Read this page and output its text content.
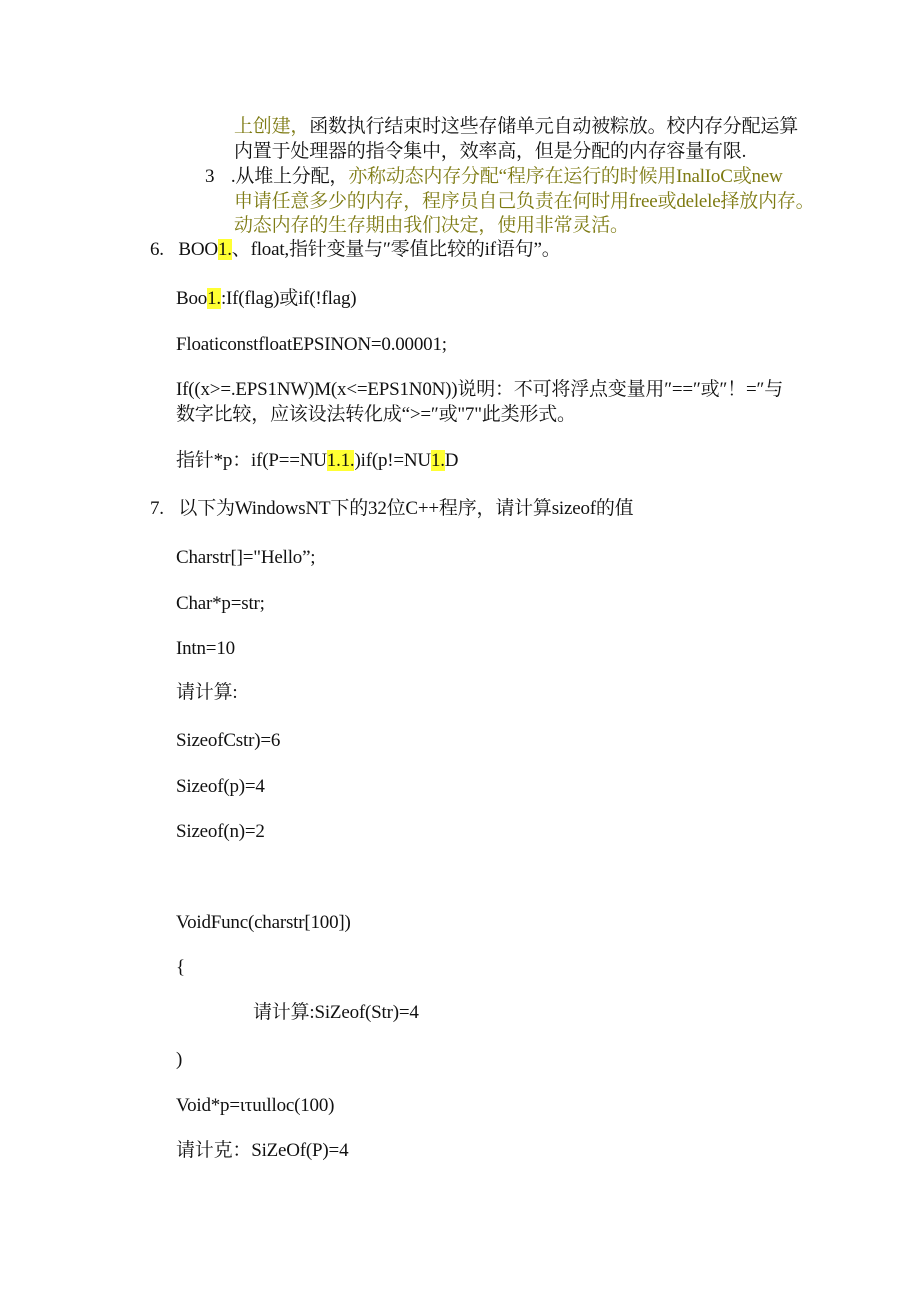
上创建，函数执行结束时这些存储单元自动被粽放。校内存分配运算
内置于处理器的指令集中，效率高，但是分配的内存容量有限.
3 .从堆上分配，亦称动态内存分配“程序在运行的时候用InalIoC或new
申请任意多少的内存，程序员自己负责在何时用free或delele择放内存。
动态内存的生存期由我们决定，使用非常灵活。
6. BOO1.、float,指针变量与″零值比较的if语句”。
Boo1.:If(flag)或if(!flag)
FloaticonstfloatEPSINON=0.00001;
If((x>=.EPS1NW)M(x<=EPS1N0N))说明：不可将浮点变量用″==″或″！=″与
数字比较，应该设法转化成“>=″或"7"此类形式。
指针*p：if(P==NU1.1.)if(p!=NU1.D
7. 以下为WindowsNT下的32位C++程序，请计算sizeof的值
Charstr[]="Hello”;
Char*p=str;
Intn=10
请计算:
SizeofCstr)=6
Sizeof(p)=4
Sizeof(n)=2
VoidFunc(charstr[100])
{
请计算:SiZeof(Str)=4
)
Void*p=ιτuιlloc(100)
请计克：SiZeOf(P)=4
